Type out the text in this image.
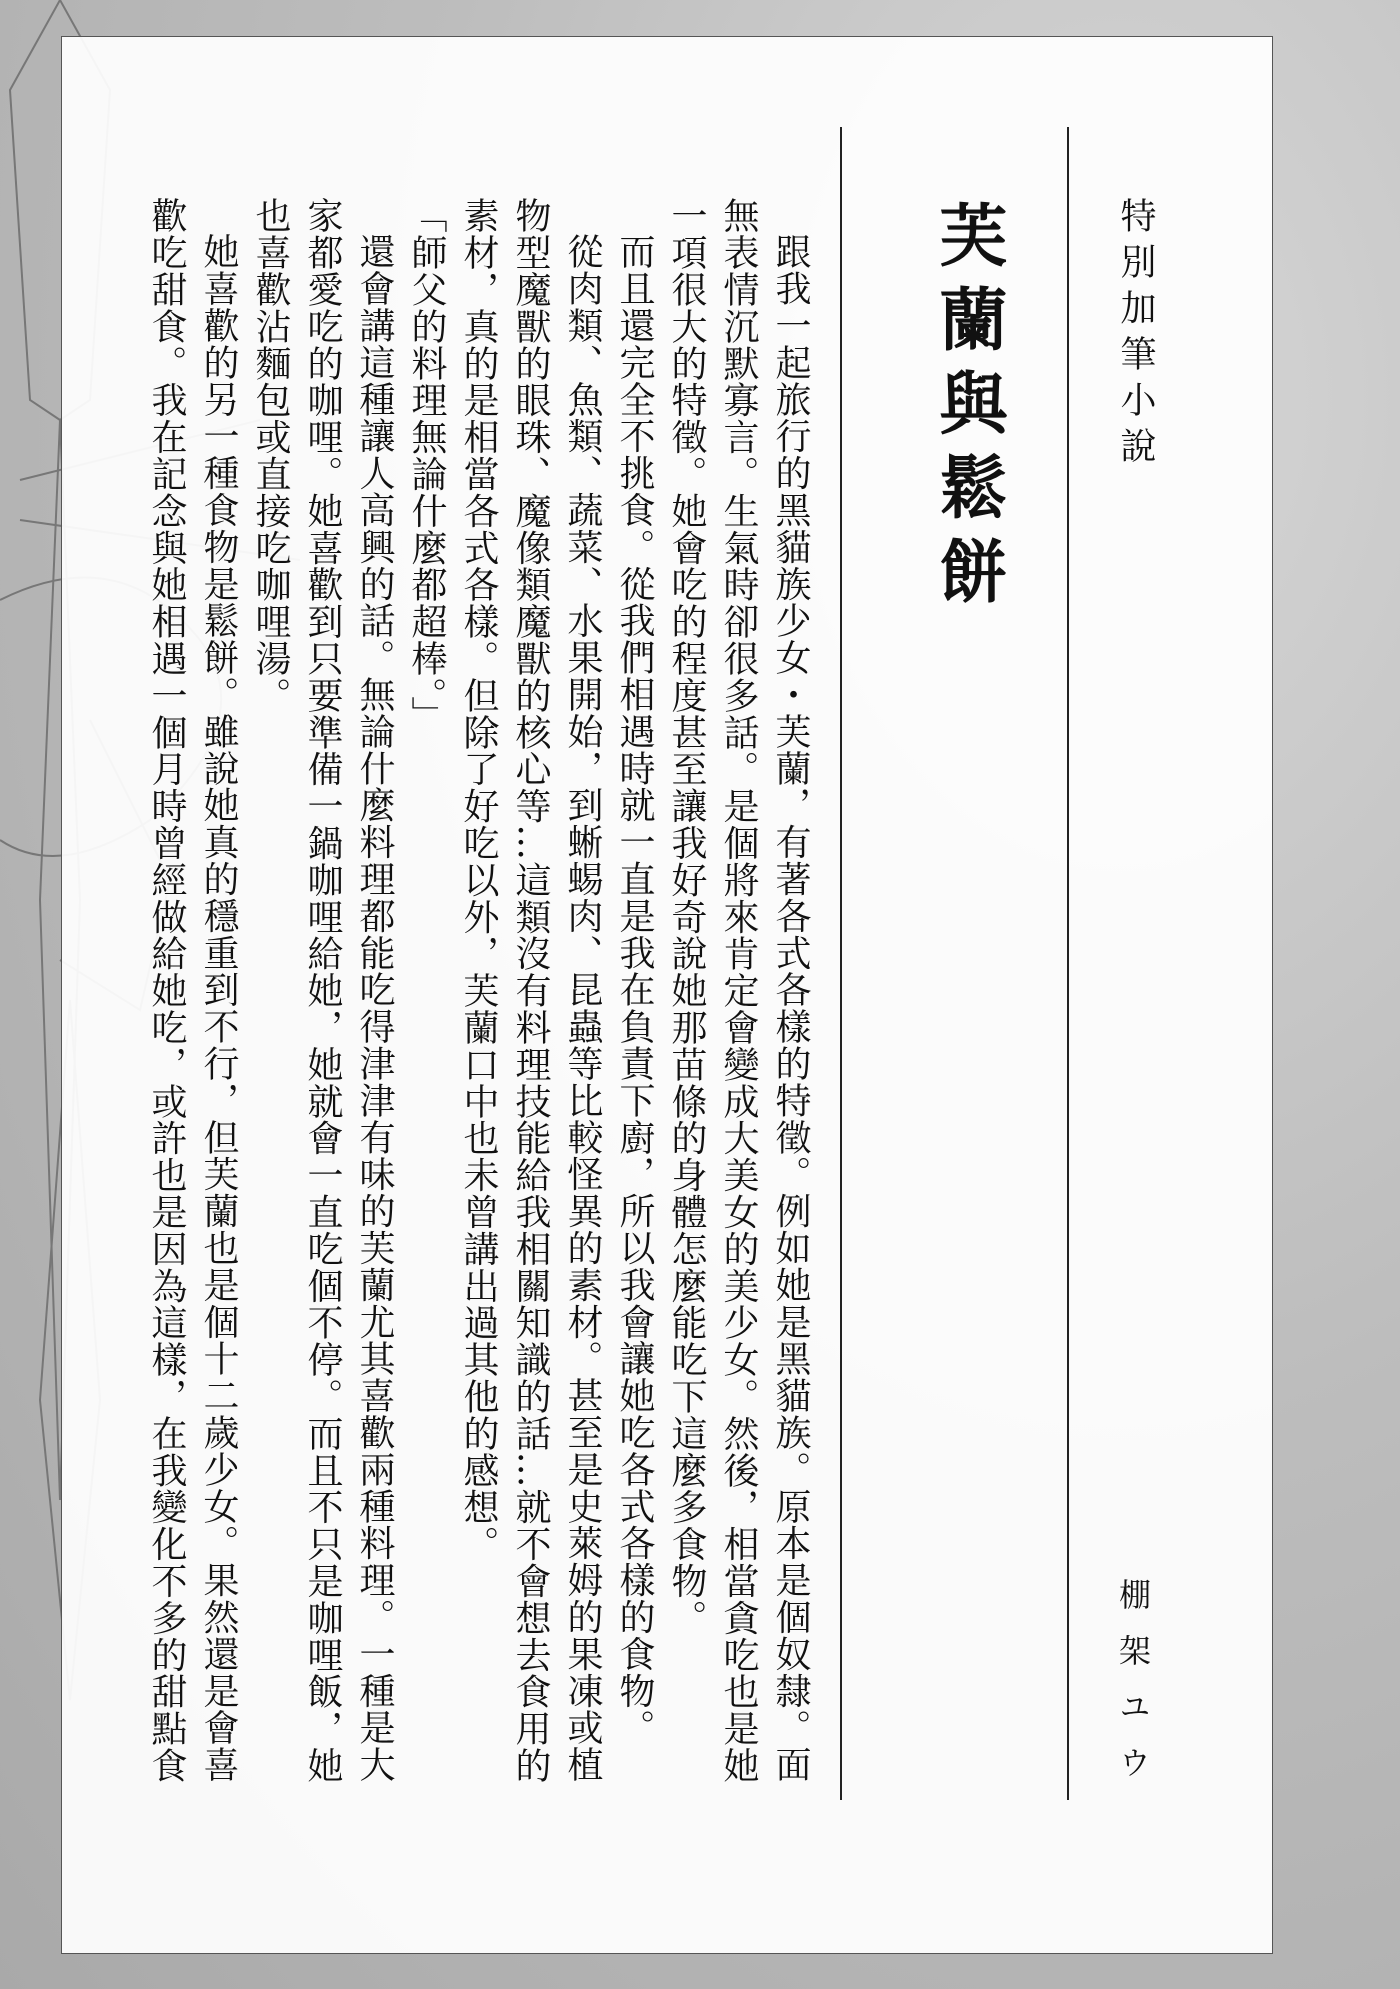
特別加筆小說
芙蘭與鬆餅
棚架ユウ
跟我一起旅行的黑貓族少女・芙蘭，有著各式各樣的特徵。例如她是黑貓族。原本是個奴隸。面
無表情沉默寡言。生氣時卻很多話。是個將來肯定會變成大美女的美少女。然後，相當貪吃也是她
一項很大的特徵。她會吃的程度甚至讓我好奇說她那苗條的身體怎麼能吃下這麼多食物。
而且還完全不挑食。從我們相遇時就一直是我在負責下廚，所以我會讓她吃各式各樣的食物。
從肉類、魚類、蔬菜、水果開始，到蜥蜴肉、昆蟲等比較怪異的素材。甚至是史萊姆的果凍或植
物型魔獸的眼珠、魔像類魔獸的核心等…這類沒有料理技能給我相關知識的話…就不會想去食用的
素材，真的是相當各式各樣。但除了好吃以外，芙蘭口中也未曾講出過其他的感想。
「師父的料理無論什麼都超棒。」
還會講這種讓人高興的話。無論什麼料理都能吃得津津有味的芙蘭尤其喜歡兩種料理。一種是大
家都愛吃的咖哩。她喜歡到只要準備一鍋咖哩給她，她就會一直吃個不停。而且不只是咖哩飯，她
也喜歡沾麵包或直接吃咖哩湯。
她喜歡的另一種食物是鬆餅。雖說她真的穩重到不行，但芙蘭也是個十二歲少女。果然還是會喜
歡吃甜食。我在記念與她相遇一個月時曾經做給她吃，或許也是因為這樣，在我變化不多的甜點食
